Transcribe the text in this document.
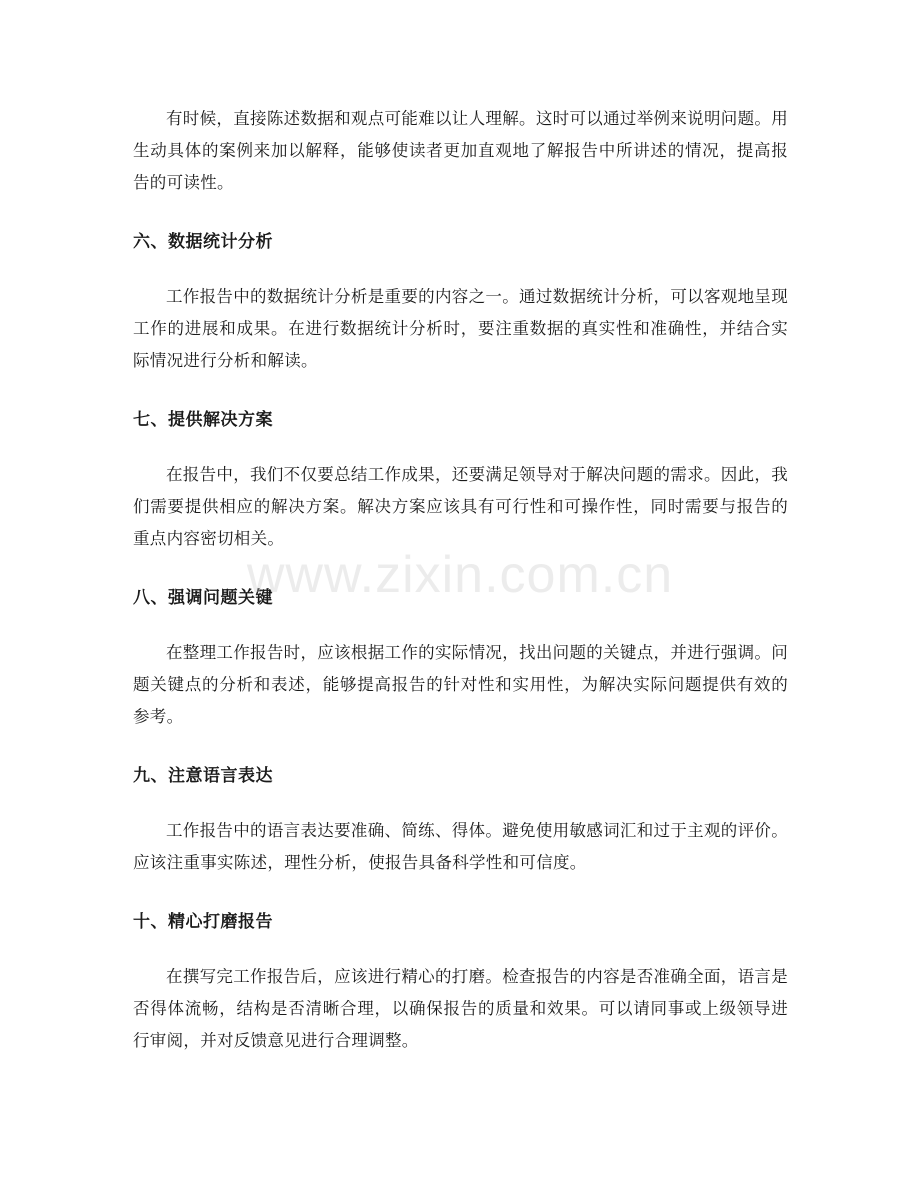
有时候，直接陈述数据和观点可能难以让人理解。这时可以通过举例来说明问题。用生动具体的案例来加以解释，能够使读者更加直观地了解报告中所讲述的情况，提高报告的可读性。

六、数据统计分析

工作报告中的数据统计分析是重要的内容之一。通过数据统计分析，可以客观地呈现工作的进展和成果。在进行数据统计分析时，要注重数据的真实性和准确性，并结合实际情况进行分析和解读。

七、提供解决方案

在报告中，我们不仅要总结工作成果，还要满足领导对于解决问题的需求。因此，我们需要提供相应的解决方案。解决方案应该具有可行性和可操作性，同时需要与报告的重点内容密切相关。

八、强调问题关键

在整理工作报告时，应该根据工作的实际情况，找出问题的关键点，并进行强调。问题关键点的分析和表述，能够提高报告的针对性和实用性，为解决实际问题提供有效的参考。

九、注意语言表达

工作报告中的语言表达要准确、简练、得体。避免使用敏感词汇和过于主观的评价。应该注重事实陈述，理性分析，使报告具备科学性和可信度。

十、精心打磨报告

在撰写完工作报告后，应该进行精心的打磨。检查报告的内容是否准确全面，语言是否得体流畅，结构是否清晰合理，以确保报告的质量和效果。可以请同事或上级领导进行审阅，并对反馈意见进行合理调整。

www.zixin.com.cn
